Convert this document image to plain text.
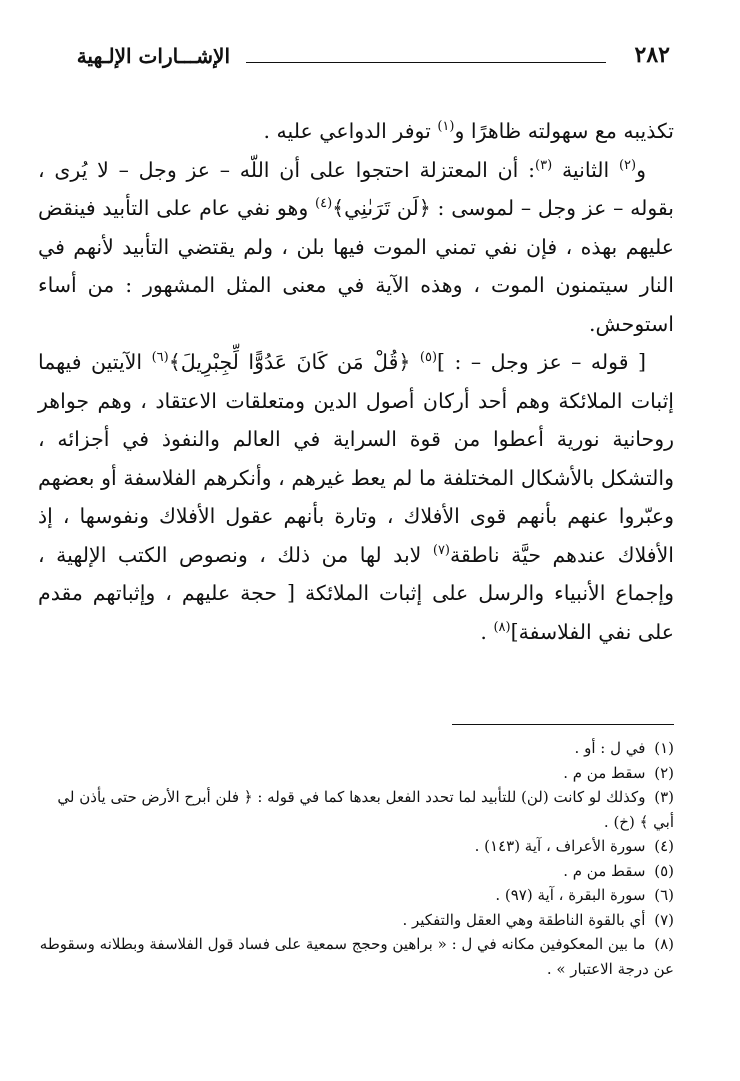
الإشـــارات الإلـهية	٢٨٢

تكذيبه مع سهولته ظاهرًا و$^{(١)}$ توفر الدواعي عليه .

و$^{(٢)}$ الثانية $^{(٣)}$: أن المعتزلة احتجوا على أن اللّه – عز وجل – لا يُرى ، بقوله – عز وجل – لموسى : ﴿لَن تَرَىٰنِي﴾$^{(٤)}$ وهو نفي عام على التأبيد فينقض عليهم بهذه ، فإن نفي تمني الموت فيها بلن ، ولم يقتضي التأبيد لأنهم في النار سيتمنون الموت ، وهذه الآية في معنى المثل المشهور : من أساء استوحش.

[ قوله – عز وجل – : ]$^{(٥)}$ ﴿قُلْ مَن كَانَ عَدُوًّا لِّجِبْرِيلَ﴾$^{(٦)}$ الآيتين فيهما إثبات الملائكة وهم أحد أركان أصول الدين ومتعلقات الاعتقاد ، وهم جواهر روحانية نورية أعطوا من قوة السراية في العالم والنفوذ في أجزائه ، والتشكل بالأشكال المختلفة ما لم يعط غيرهم ، وأنكرهم الفلاسفة أو بعضهم وعبّروا عنهم بأنهم قوى الأفلاك ، وتارة بأنهم عقول الأفلاك ونفوسها ، إذ الأفلاك عندهم حيَّة ناطقة$^{(٧)}$ لابد لها من ذلك ، ونصوص الكتب الإلهية ، وإجماع الأنبياء والرسل على إثبات الملائكة [ حجة عليهم ، وإثباتهم مقدم على نفي الفلاسفة]$^{(٨)}$ .

(١) في ل : أو .
(٢) سقط من م .
(٣) وكذلك لو كانت (لن) للتأبيد لما تحدد الفعل بعدها كما في قوله : ﴿ فلن أبرح الأرض حتى يأذن لي أبي ﴾ (خ) .
(٤) سورة الأعراف ، آية (١٤٣) .
(٥) سقط من م .
(٦) سورة البقرة ، آية (٩٧) .
(٧) أي بالقوة الناطقة وهي العقل والتفكير .
(٨) ما بين المعكوفين مكانه في ل : « براهين وحجج سمعية على فساد قول الفلاسفة وبطلانه وسقوطه عن درجة الاعتبار » .
